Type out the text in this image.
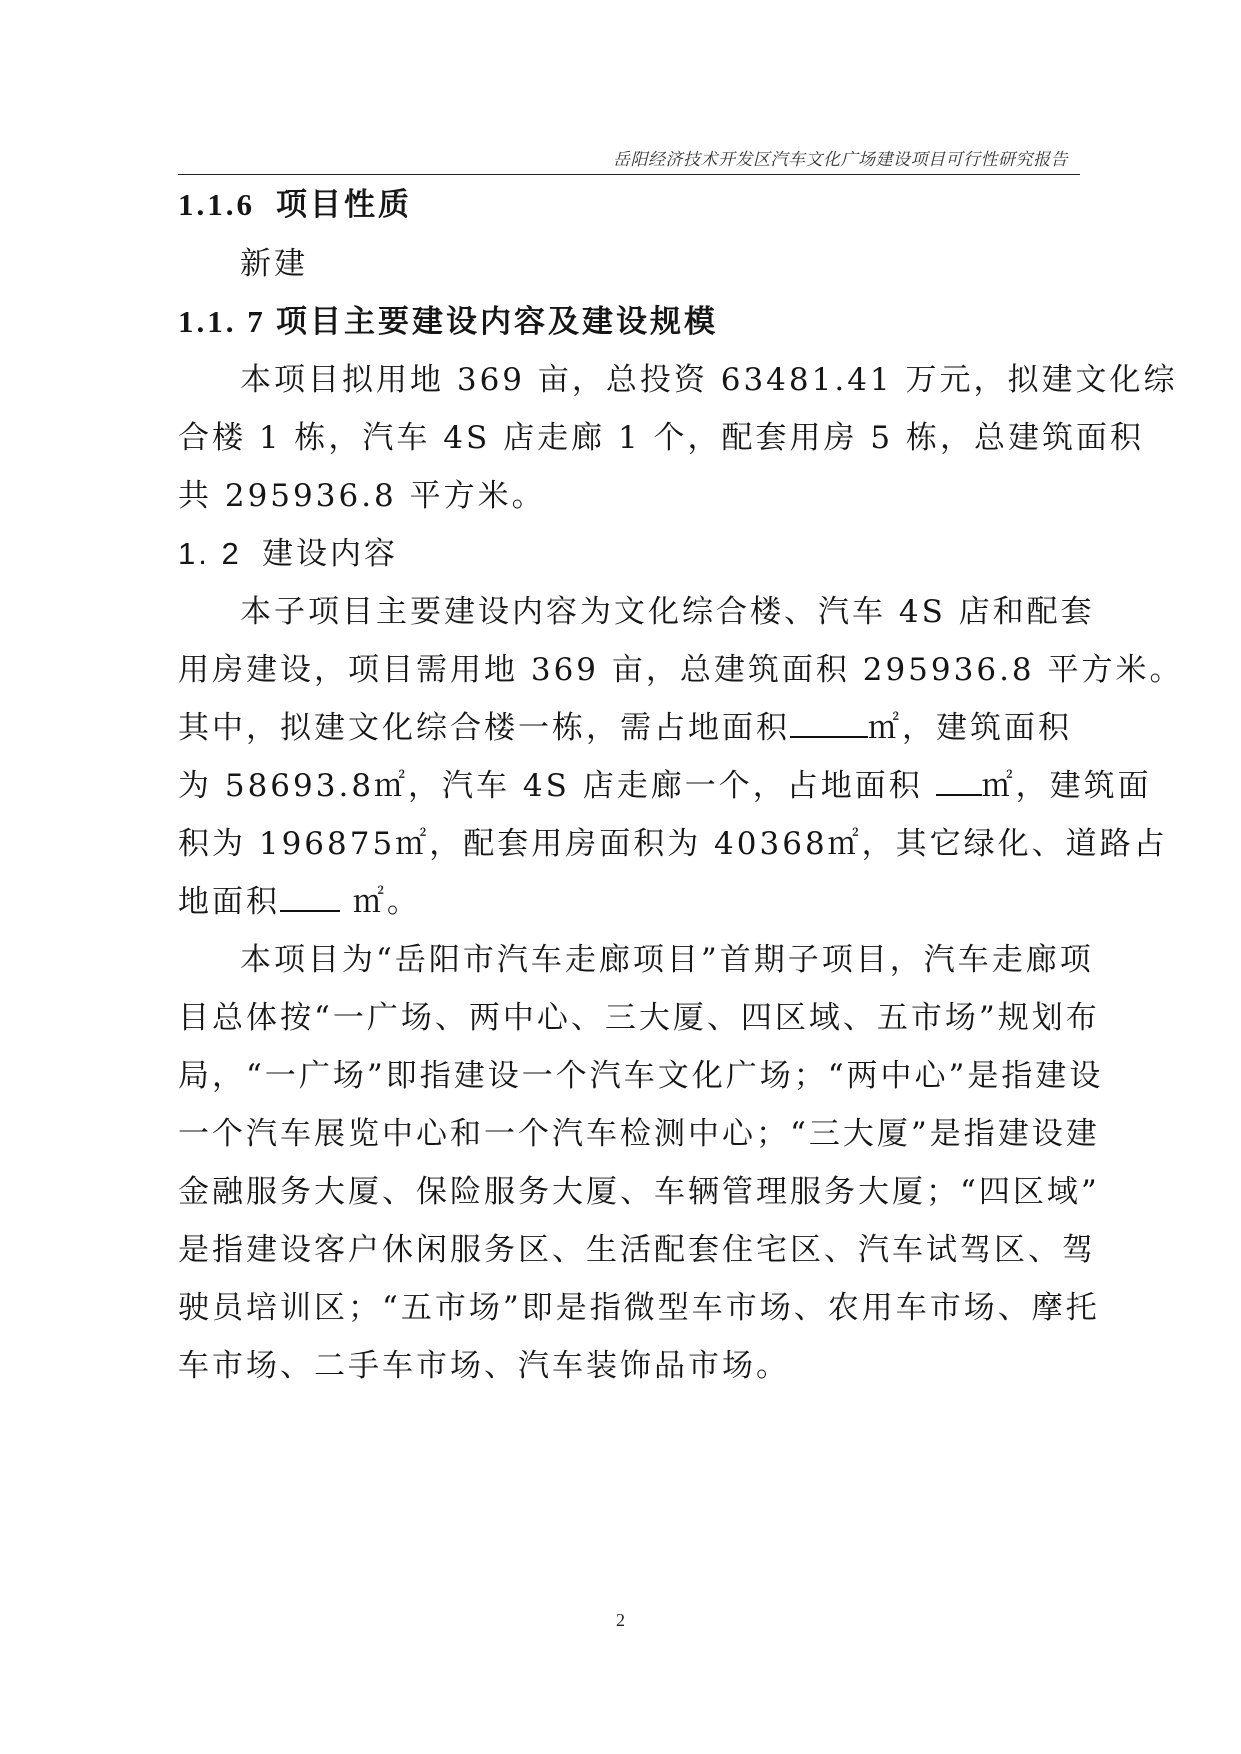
岳阳经济技术开发区汽车文化广场建设项目可行性研究报告
1.1.6 项目性质
新建
1.1. 7 项目主要建设内容及建设规模
本项目拟用地 369 亩，总投资 63481.41 万元，拟建文化综
合楼 1 栋，汽车 4S 店走廊 1 个，配套用房 5 栋，总建筑面积
共 295936.8 平方米。
1. 2 建设内容
本子项目主要建设内容为文化综合楼、汽车 4S 店和配套
用房建设，项目需用地 369 亩，总建筑面积 295936.8 平方米。
其中，拟建文化综合楼一栋，需占地面积	㎡，建筑面积
为 58693.8㎡，汽车 4S 店走廊一个，占地面积 ㎡，建筑面
积为 196875㎡，配套用房面积为 40368㎡，其它绿化、道路占
地面积 ㎡。
本项目为“岳阳市汽车走廊项目”首期子项目，汽车走廊项
目总体按“一广场、两中心、三大厦、四区域、五市场”规划布
局，“一广场”即指建设一个汽车文化广场；“两中心”是指建设
一个汽车展览中心和一个汽车检测中心；“三大厦”是指建设建
金融服务大厦、保险服务大厦、车辆管理服务大厦；“四区域”
是指建设客户休闲服务区、生活配套住宅区、汽车试驾区、驾
驶员培训区；“五市场”即是指微型车市场、农用车市场、摩托
车市场、二手车市场、汽车装饰品市场。
2
